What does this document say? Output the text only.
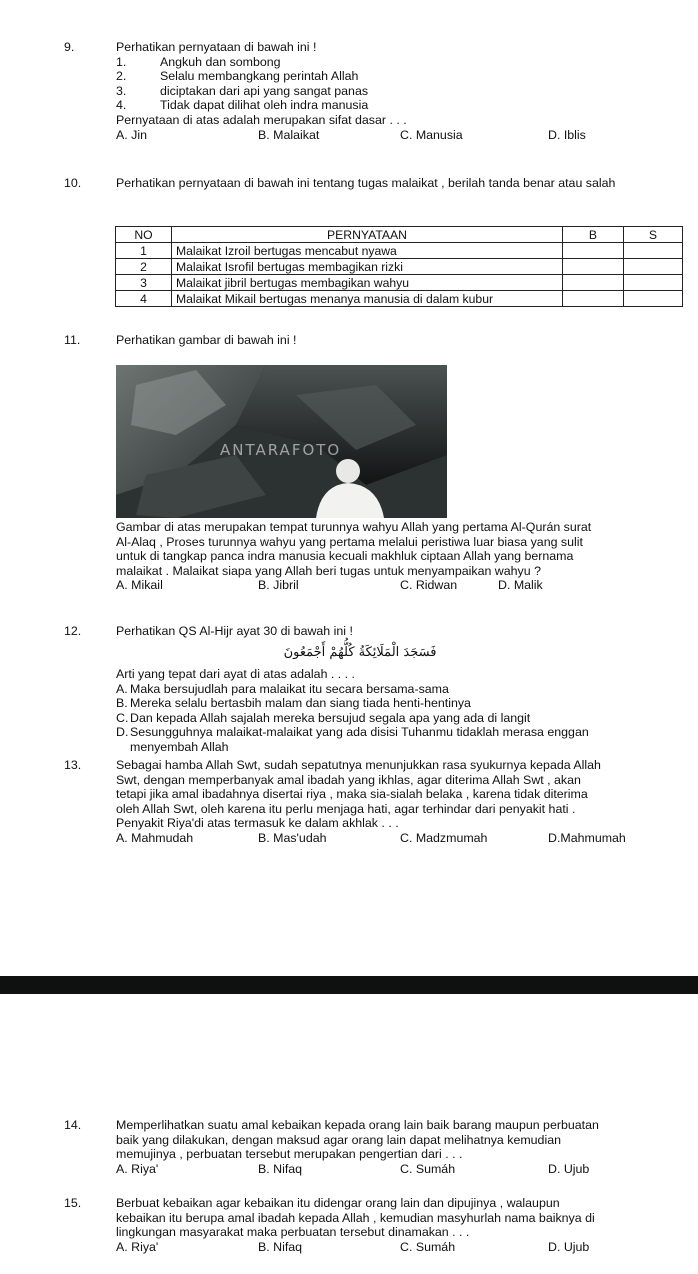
9.	Perhatikan pernyataan di bawah ini !
1.	Angkuh dan sombong
2.	Selalu membangkang perintah Allah
3.	diciptakan dari api yang sangat panas
4.	Tidak dapat dilihat oleh indra manusia
Pernyataan di atas adalah merupakan sifat dasar . . .
A. Jin	B. Malaikat	C. Manusia	D. Iblis
10.	Perhatikan pernyataan di bawah ini tentang tugas malaikat , berilah tanda benar atau salah
NO	PERNYATAAN	B	S
1	Malaikat Izroil bertugas mencabut nyawa		
2	Malaikat Isrofil bertugas membagikan rizki		
3	Malaikat jibril bertugas membagikan wahyu		
4	Malaikat Mikail bertugas menanya manusia di dalam kubur		
11.	Perhatikan gambar di bawah ini !
ANTARAFOTO
Gambar di atas merupakan tempat turunnya wahyu Allah yang pertama Al-Qurán surat
Al-Alaq , Proses turunnya wahyu yang pertama melalui peristiwa luar biasa yang sulit
untuk di tangkap panca indra manusia kecuali makhluk ciptaan Allah yang bernama
malaikat . Malaikat siapa yang Allah beri tugas untuk menyampaikan wahyu ?
A. Mikail	B. Jibril	C. Ridwan	D. Malik
12.	Perhatikan QS Al-Hijr ayat 30 di bawah ini !
فَسَجَدَ الْمَلَائِكَةُ كُلُّهُمْ أَجْمَعُونَ
Arti yang tepat dari ayat di atas adalah . . . .
A. Maka bersujudlah para malaikat itu secara bersama-sama
B. Mereka selalu bertasbih malam dan siang tiada henti-hentinya
C. Dan kepada Allah sajalah mereka bersujud segala apa yang ada di langit
D. Sesungguhnya malaikat-malaikat yang ada disisi Tuhanmu tidaklah merasa enggan
menyembah Allah
13.	Sebagai hamba Allah Swt, sudah sepatutnya menunjukkan rasa syukurnya kepada Allah
Swt, dengan memperbanyak amal ibadah yang ikhlas, agar diterima Allah Swt , akan
tetapi jika amal ibadahnya disertai riya , maka sia-sialah belaka , karena tidak diterima
oleh Allah Swt, oleh karena itu perlu menjaga hati, agar terhindar dari penyakit hati .
Penyakit Riya'di atas termasuk ke dalam akhlak . . .
A. Mahmudah	B. Mas'udah	C. Madzmumah	D.Mahmumah
14.	Memperlihatkan suatu amal kebaikan kepada orang lain baik barang maupun perbuatan
baik yang dilakukan, dengan maksud agar orang lain dapat melihatnya kemudian
memujinya , perbuatan tersebut merupakan pengertian dari . . .
A. Riya'	B. Nifaq	C. Sumáh	D. Ujub
15.	Berbuat kebaikan agar kebaikan itu didengar orang lain dan dipujinya , walaupun
kebaikan itu berupa amal ibadah kepada Allah , kemudian masyhurlah nama baiknya di
lingkungan masyarakat maka perbuatan tersebut dinamakan . . .
A. Riya'	B. Nifaq	C. Sumáh	D. Ujub
